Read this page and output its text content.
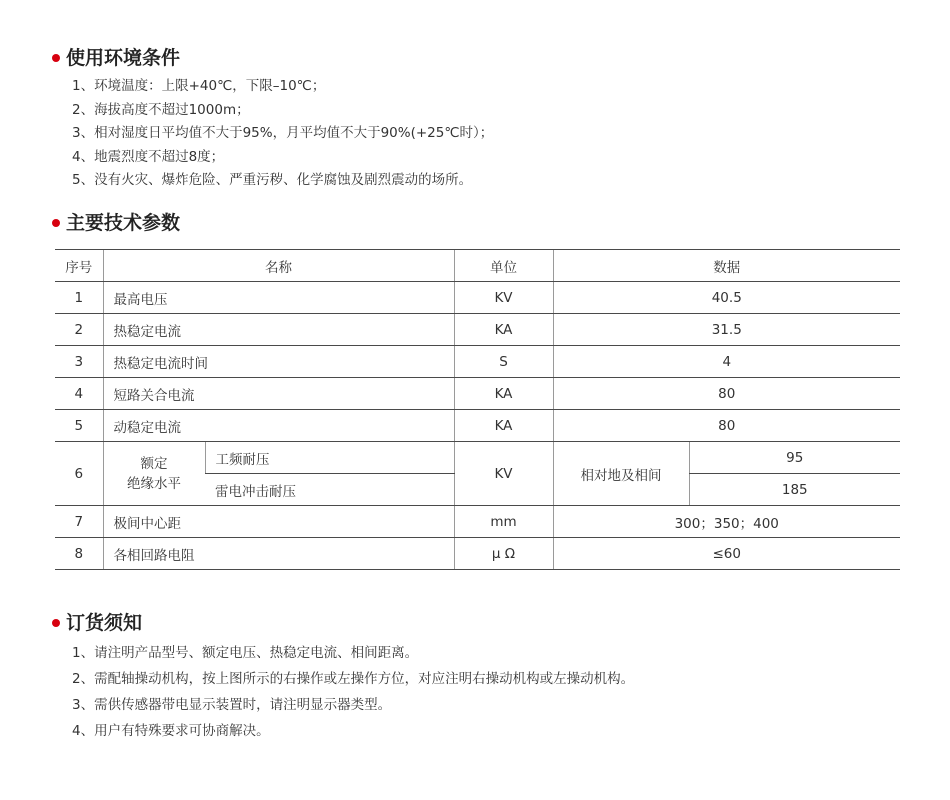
使用环境条件
1、环境温度：上限+40℃，下限–10℃；
2、海拔高度不超过1000m；
3、相对湿度日平均值不大于95%，月平均值不大于90%(+25℃时）；
4、地震烈度不超过8度；
5、没有火灾、爆炸危险、严重污秽、化学腐蚀及剧烈震动的场所。
主要技术参数
序号	名称		单位	数据	
1	最高电压		KV	40.5	
2	热稳定电流		KA	31.5	
3	热稳定电流时间		S	4	
4	短路关合电流		KA	80	
5	动稳定电流		KA	80	
6	额定
绝缘水平	工频耐压	KV	相对地及相间	95
		雷电冲击耐压			185
7	极间中心距		mm	300；350；400	
8	各相回路电阻		μ Ω	≤60	
订货须知
1、请注明产品型号、额定电压、热稳定电流、相间距离。
2、需配轴操动机构，按上图所示的右操作或左操作方位，对应注明右操动机构或左操动机构。
3、需供传感器带电显示装置时，请注明显示器类型。
4、用户有特殊要求可协商解决。
